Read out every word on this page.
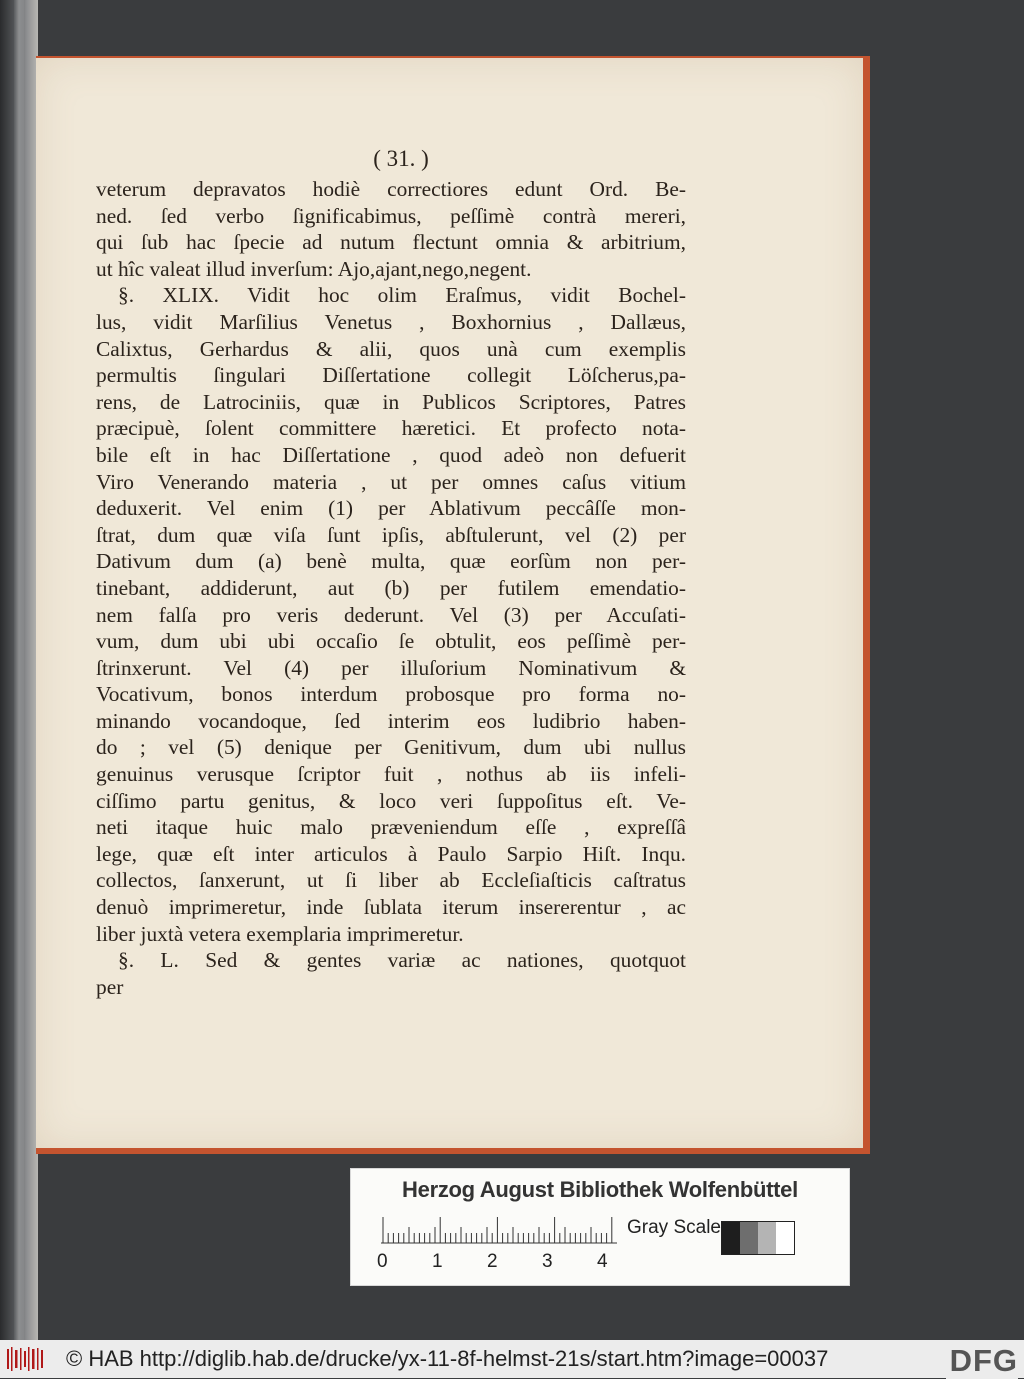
( 31. )
veterum depravatos hodiè correctiores edunt Ord. Be-
ned. ſed verbo ſignificabimus, peſſimè contrà mereri,
qui ſub hac ſpecie ad nutum flectunt omnia & arbitrium,
ut hîc valeat illud inverſum: Ajo,ajant,nego,negent.
§. XLIX. Vidit hoc olim Eraſmus, vidit Bochel-
lus, vidit Marſilius Venetus , Boxhornius , Dallæus,
Calixtus, Gerhardus & alii, quos unà cum exemplis
permultis ſingulari Diſſertatione collegit Löſcherus,pa-
rens, de Latrociniis, quæ in Publicos Scriptores, Patres
præcipuè, ſolent committere hæretici. Et profecto nota-
bile eſt in hac Diſſertatione , quod adeò non defuerit
Viro Venerando materia , ut per omnes caſus vitium
deduxerit. Vel enim (1) per Ablativum peccâſſe mon-
ſtrat, dum quæ viſa ſunt ipſis, abſtulerunt, vel (2) per
Dativum dum (a) benè multa, quæ eorſùm non per-
tinebant, addiderunt, aut (b) per futilem emendatio-
nem falſa pro veris dederunt. Vel (3) per Accuſati-
vum, dum ubi ubi occaſio ſe obtulit, eos peſſimè per-
ſtrinxerunt. Vel (4) per illuſorium Nominativum &
Vocativum, bonos interdum probosque pro forma no-
minando vocandoque, ſed interim eos ludibrio haben-
do ; vel (5) denique per Genitivum, dum ubi nullus
genuinus verusque ſcriptor fuit , nothus ab iis infeli-
ciſſimo partu genitus, & loco veri ſuppoſitus eſt. Ve-
neti itaque huic malo præveniendum eſſe , expreſſâ
lege, quæ eſt inter articulos à Paulo Sarpio Hiſt. Inqu.
collectos, ſanxerunt, ut ſi liber ab Eccleſiaſticis caſtratus
denuò imprimeretur, inde ſublata iterum insererentur , ac
liber juxtà vetera exemplaria imprimeretur.
§. L. Sed & gentes variæ ac nationes, quotquot
per
Herzog August Bibliothek Wolfenbüttel
0 1 2 3 4
Gray Scale
© HAB http://diglib.hab.de/drucke/yx-11-8f-helmst-21s/start.htm?image=00037	DFG
